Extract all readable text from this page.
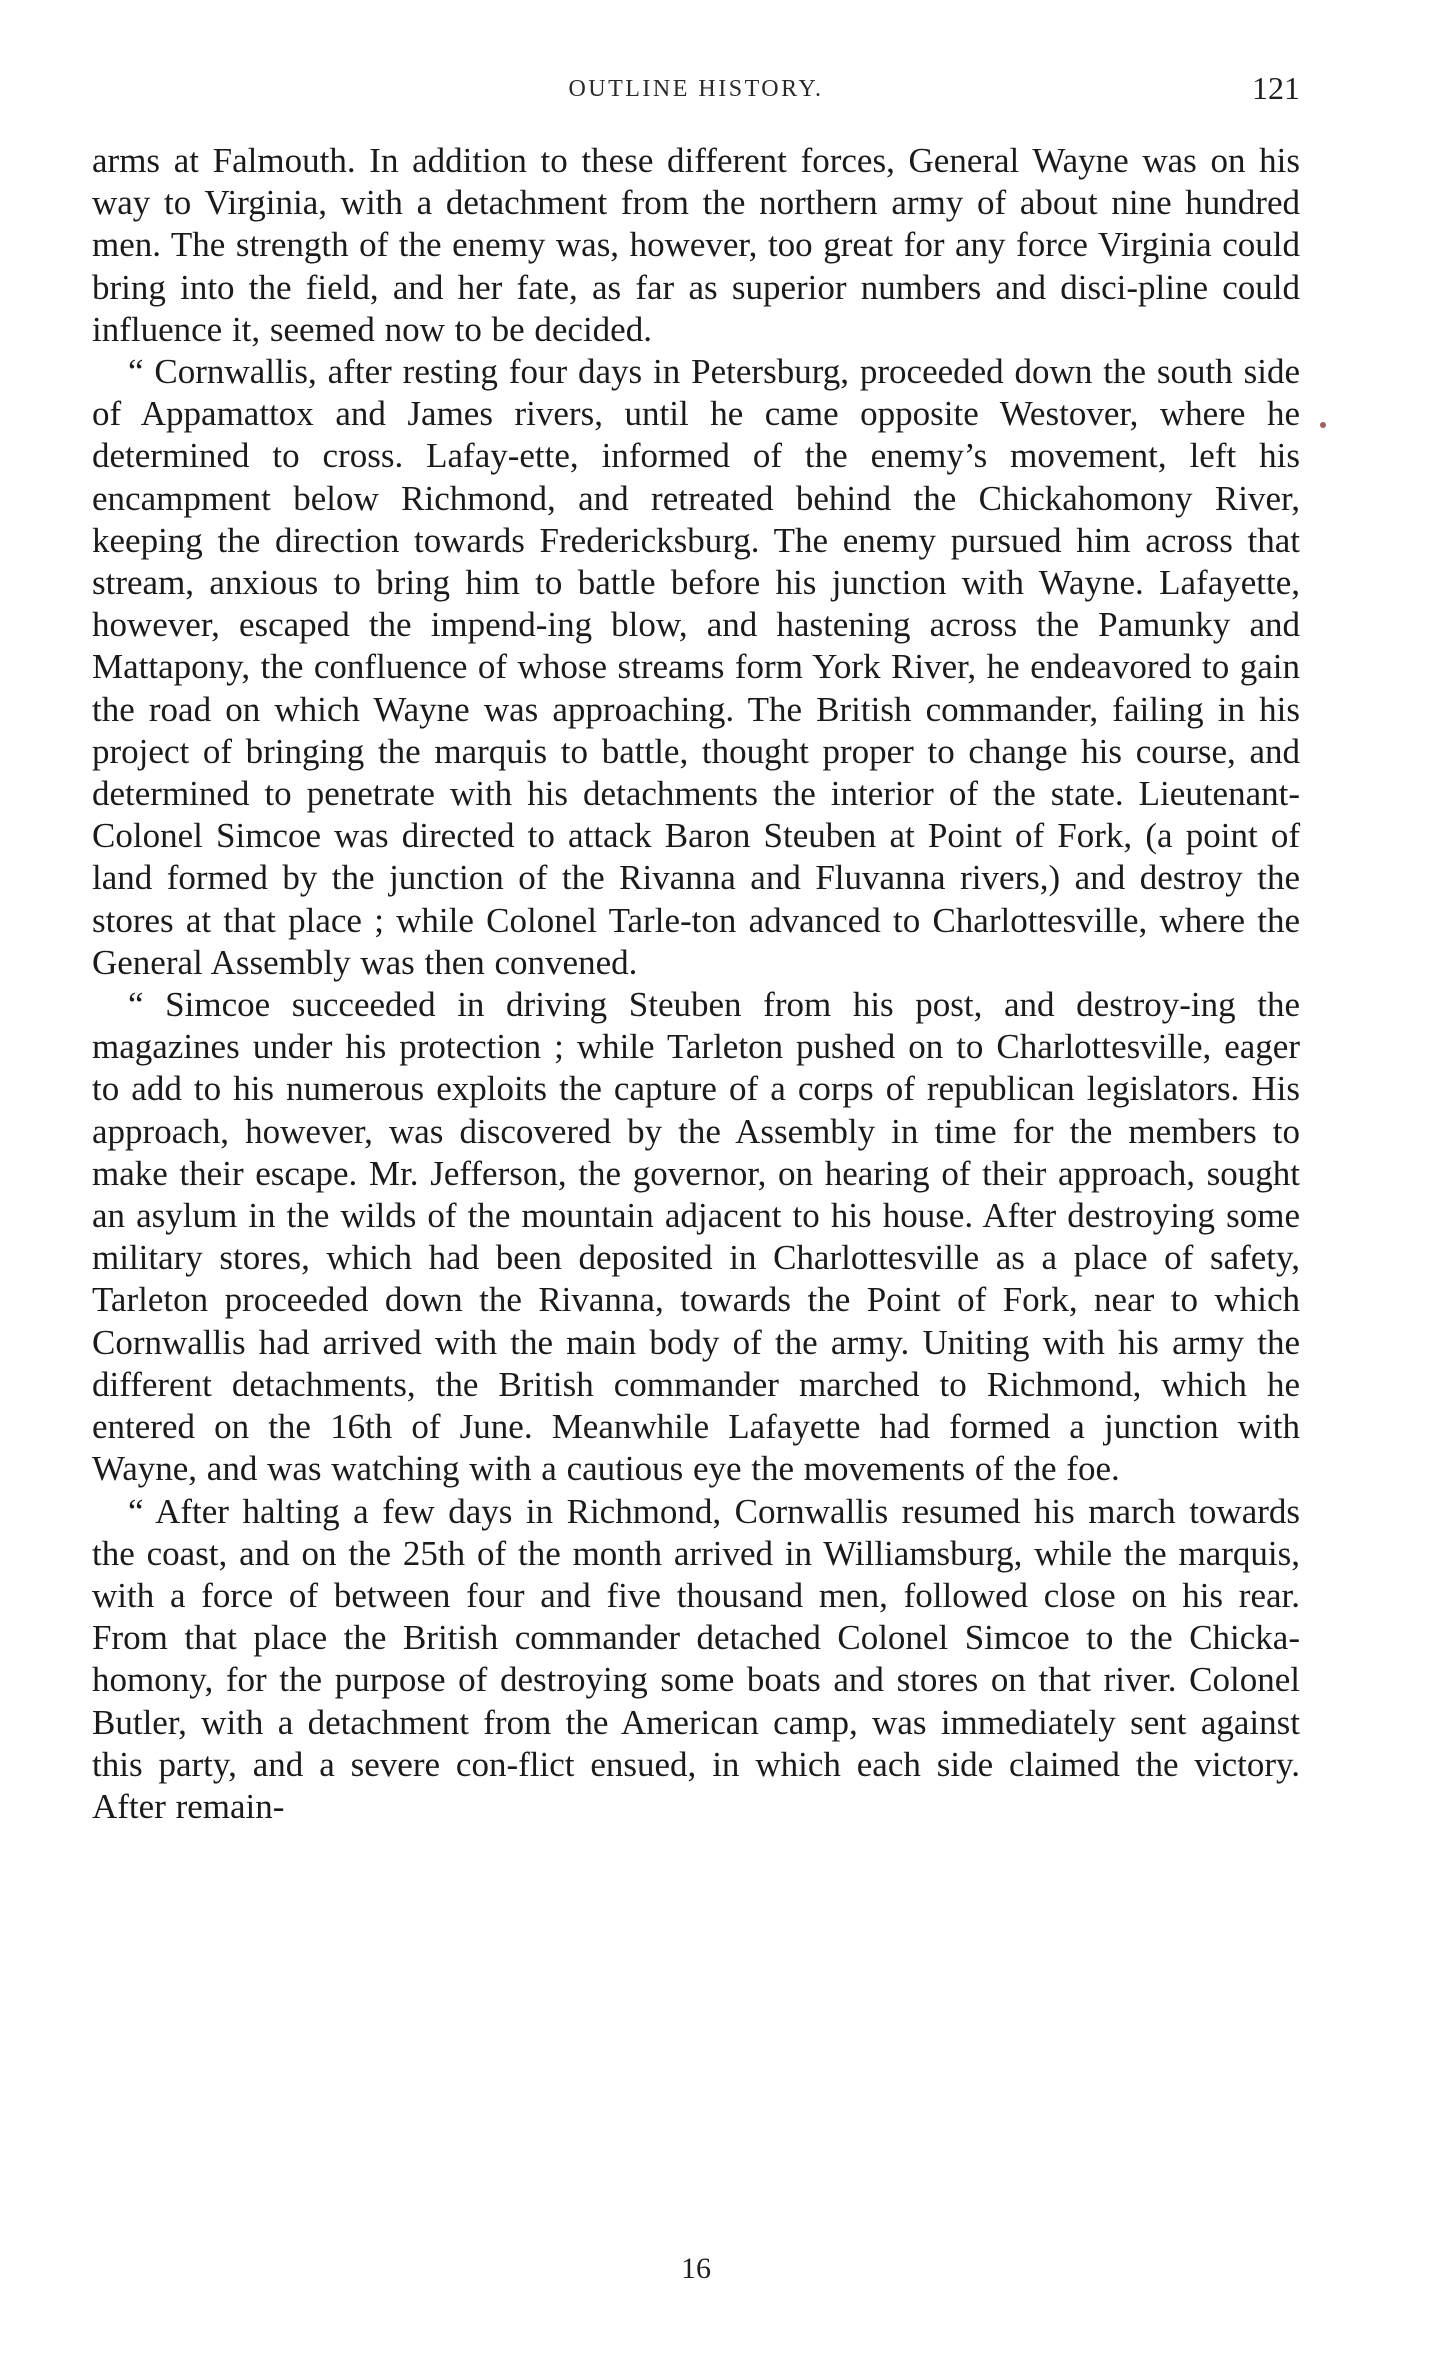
OUTLINE HISTORY.	121

arms at Falmouth. In addition to these different forces, General Wayne was on his way to Virginia, with a detachment from the northern army of about nine hundred men. The strength of the enemy was, however, too great for any force Virginia could bring into the field, and her fate, as far as superior numbers and disci-pline could influence it, seemed now to be decided.

“ Cornwallis, after resting four days in Petersburg, proceeded down the south side of Appamattox and James rivers, until he came opposite Westover, where he determined to cross. Lafay-ette, informed of the enemy’s movement, left his encampment below Richmond, and retreated behind the Chickahomony River, keeping the direction towards Fredericksburg. The enemy pursued him across that stream, anxious to bring him to battle before his junction with Wayne. Lafayette, however, escaped the impend-ing blow, and hastening across the Pamunky and Mattapony, the confluence of whose streams form York River, he endeavored to gain the road on which Wayne was approaching. The British commander, failing in his project of bringing the marquis to battle, thought proper to change his course, and determined to penetrate with his detachments the interior of the state. Lieutenant-Colonel Simcoe was directed to attack Baron Steuben at Point of Fork, (a point of land formed by the junction of the Rivanna and Fluvanna rivers,) and destroy the stores at that place ; while Colonel Tarle-ton advanced to Charlottesville, where the General Assembly was then convened.

“ Simcoe succeeded in driving Steuben from his post, and destroy-ing the magazines under his protection ; while Tarleton pushed on to Charlottesville, eager to add to his numerous exploits the capture of a corps of republican legislators. His approach, however, was discovered by the Assembly in time for the members to make their escape. Mr. Jefferson, the governor, on hearing of their approach, sought an asylum in the wilds of the mountain adjacent to his house. After destroying some military stores, which had been deposited in Charlottesville as a place of safety, Tarleton proceeded down the Rivanna, towards the Point of Fork, near to which Cornwallis had arrived with the main body of the army. Uniting with his army the different detachments, the British commander marched to Richmond, which he entered on the 16th of June. Meanwhile Lafayette had formed a junction with Wayne, and was watching with a cautious eye the movements of the foe.

“ After halting a few days in Richmond, Cornwallis resumed his march towards the coast, and on the 25th of the month arrived in Williamsburg, while the marquis, with a force of between four and five thousand men, followed close on his rear. From that place the British commander detached Colonel Simcoe to the Chicka-homony, for the purpose of destroying some boats and stores on that river. Colonel Butler, with a detachment from the American camp, was immediately sent against this party, and a severe con-flict ensued, in which each side claimed the victory. After remain-

16
